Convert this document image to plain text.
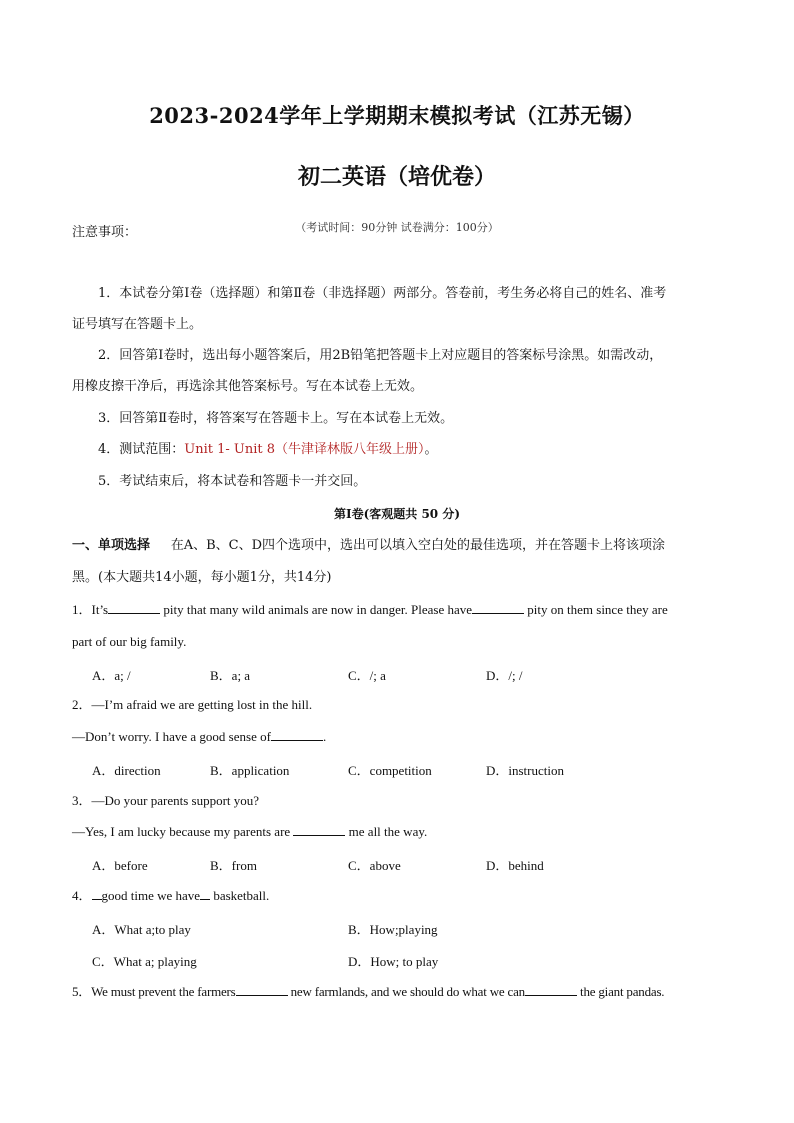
2023-2024学年上学期期末模拟考试（江苏无锡）
初二英语（培优卷）
（考试时间：90分钟 试卷满分：100分）
注意事项：
1．本试卷分第Ⅰ卷（选择题）和第Ⅱ卷（非选择题）两部分。答卷前，考生务必将自己的姓名、准考
证号填写在答题卡上。
2．回答第Ⅰ卷时，选出每小题答案后，用2B铅笔把答题卡上对应题目的答案标号涂黑。如需改动，
用橡皮擦干净后，再选涂其他答案标号。写在本试卷上无效。
3．回答第Ⅱ卷时，将答案写在答题卡上。写在本试卷上无效。
4．测试范围：Unit 1- Unit 8（牛津译林版八年级上册）。
5．考试结束后，将本试卷和答题卡一并交回。
第Ⅰ卷(客观题共 50 分)
一、单项选择 在A、B、C、D四个选项中，选出可以填入空白处的最佳选项，并在答题卡上将该项涂
黑。(本大题共14小题，每小题1分，共14分)
1．It’s	pity that many wild animals are now in danger. Please have	pity on them since they are
part of our big family.
A．a; /	B．a; a	C．/; a	D．/; /
2．—I’m afraid we are getting lost in the hill.
—Don’t worry. I have a good sense of	.
A．direction	B．application	C．competition	D．instruction
3．—Do your parents support you?
—Yes, I am lucky because my parents are	me all the way.
A．before	B．from	C．above	D．behind
4． good time we have basketball.
A．What a;to play	B．How;playing
C．What a; playing	D．How; to play
5．We must prevent the farmers	new farmlands, and we should do what we can	the giant pandas.
